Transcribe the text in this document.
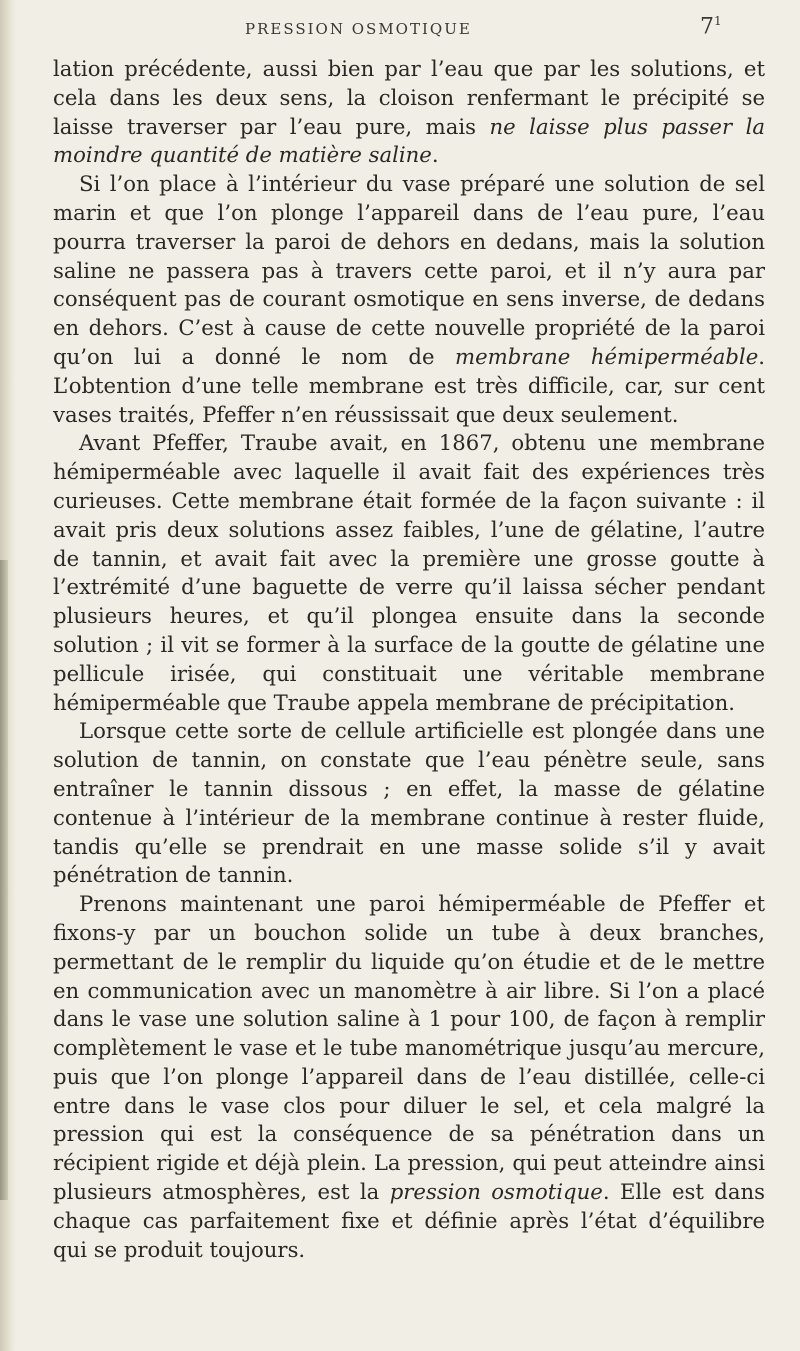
PRESSION OSMOTIQUE	$7^1$

lation précédente, aussi bien par l’eau que par les solutions, et cela dans les deux sens, la cloison renfermant le précipité se laisse traverser par l’eau pure, mais ne laisse plus passer la moindre quantité de matière saline.

Si l’on place à l’intérieur du vase préparé une solution de sel marin et que l’on plonge l’appareil dans de l’eau pure, l’eau pourra traverser la paroi de dehors en dedans, mais la solution saline ne passera pas à travers cette paroi, et il n’y aura par conséquent pas de courant osmotique en sens inverse, de dedans en dehors. C’est à cause de cette nouvelle propriété de la paroi qu’on lui a donné le nom de membrane hémiperméable. L’obtention d’une telle membrane est très difficile, car, sur cent vases traités, Pfeffer n’en réussissait que deux seulement.

Avant Pfeffer, Traube avait, en 1867, obtenu une membrane hémiperméable avec laquelle il avait fait des expériences très curieuses. Cette membrane était formée de la façon suivante : il avait pris deux solutions assez faibles, l’une de gélatine, l’autre de tannin, et avait fait avec la première une grosse goutte à l’extrémité d’une baguette de verre qu’il laissa sécher pendant plusieurs heures, et qu’il plongea ensuite dans la seconde solution ; il vit se former à la surface de la goutte de gélatine une pellicule irisée, qui constituait une véritable membrane hémiperméable que Traube appela membrane de précipitation.

Lorsque cette sorte de cellule artificielle est plongée dans une solution de tannin, on constate que l’eau pénètre seule, sans entraîner le tannin dissous ; en effet, la masse de gélatine contenue à l’intérieur de la membrane continue à rester fluide, tandis qu’elle se prendrait en une masse solide s’il y avait pénétration de tannin.

Prenons maintenant une paroi hémiperméable de Pfeffer et fixons-y par un bouchon solide un tube à deux branches, permettant de le remplir du liquide qu’on étudie et de le mettre en communication avec un manomètre à air libre. Si l’on a placé dans le vase une solution saline à 1 pour 100, de façon à remplir complètement le vase et le tube manométrique jusqu’au mercure, puis que l’on plonge l’appareil dans de l’eau distillée, celle-ci entre dans le vase clos pour diluer le sel, et cela malgré la pression qui est la conséquence de sa pénétration dans un récipient rigide et déjà plein. La pression, qui peut atteindre ainsi plusieurs atmosphères, est la pression osmotique. Elle est dans chaque cas parfaitement fixe et définie après l’état d’équilibre qui se produit toujours.
